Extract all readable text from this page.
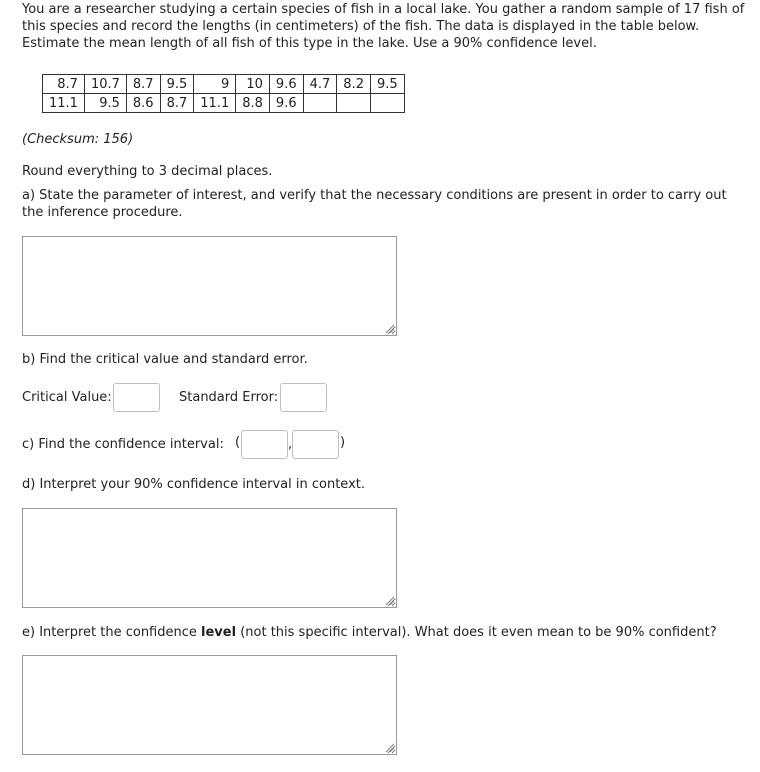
You are a researcher studying a certain species of fish in a local lake. You gather a random sample of 17 fish of
this species and record the lengths (in centimeters) of the fish. The data is displayed in the table below.
Estimate the mean length of all fish of this type in the lake. Use a 90% confidence level.
8.7	10.7	8.7	9.5	9	10	9.6	4.7	8.2	9.5
11.1	9.5	8.6	8.7	11.1	8.8	9.6			
(Checksum: 156)
Round everything to 3 decimal places.
a) State the parameter of interest, and verify that the necessary conditions are present in order to carry out the inference procedure.
b) Find the critical value and standard error.
Critical Value:	Standard Error:
c) Find the confidence interval: (	,	)
d) Interpret your 90% confidence interval in context.
e) Interpret the confidence level (not this specific interval). What does it even mean to be 90% confident?
